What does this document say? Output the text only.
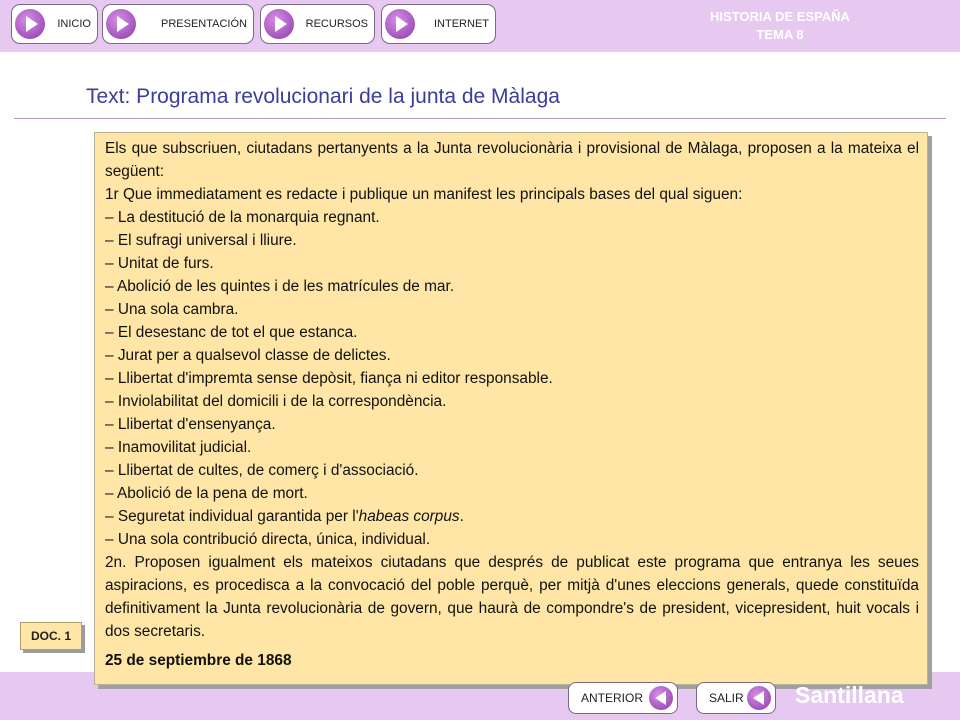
INICIO	PRESENTACIÓN	RECURSOS	INTERNET	HISTORIA DE ESPAÑA
TEMA 8
Text: Programa revolucionari de la junta de Màlaga
DOC. 1

Els que subscriuen, ciutadans pertanyents a la Junta revolucionària i provisional de Màlaga, proposen a la mateixa el següent:

1r Que immediatament es redacte i publique un manifest les principals bases del qual siguen:

– La destitució de la monarquia regnant.

– El sufragi universal i lliure.

– Unitat de furs.

– Abolició de les quintes i de les matrícules de mar.

– Una sola cambra.

– El desestanc de tot el que estanca.

– Jurat per a qualsevol classe de delictes.

– Llibertat d'impremta sense depòsit, fiança ni editor responsable.

– Inviolabilitat del domicili i de la correspondència.

– Llibertat d'ensenyança.

– Inamovilitat judicial.

– Llibertat de cultes, de comerç i d'associació.

– Abolició de la pena de mort.

– Seguretat individual garantida per l'habeas corpus.

– Una sola contribució directa, única, individual.

2n. Proposen igualment els mateixos ciutadans que després de publicat este programa que entranya les seues aspiracions, es procedisca a la convocació del poble perquè, per mitjà d'unes eleccions generals, quede constituïda definitivament la Junta revolucionària de govern, que haurà de compondre's de president, vicepresident, huit vocals i dos secretaris.

25 de septiembre de 1868
ANTERIOR	SALIR Santillana
